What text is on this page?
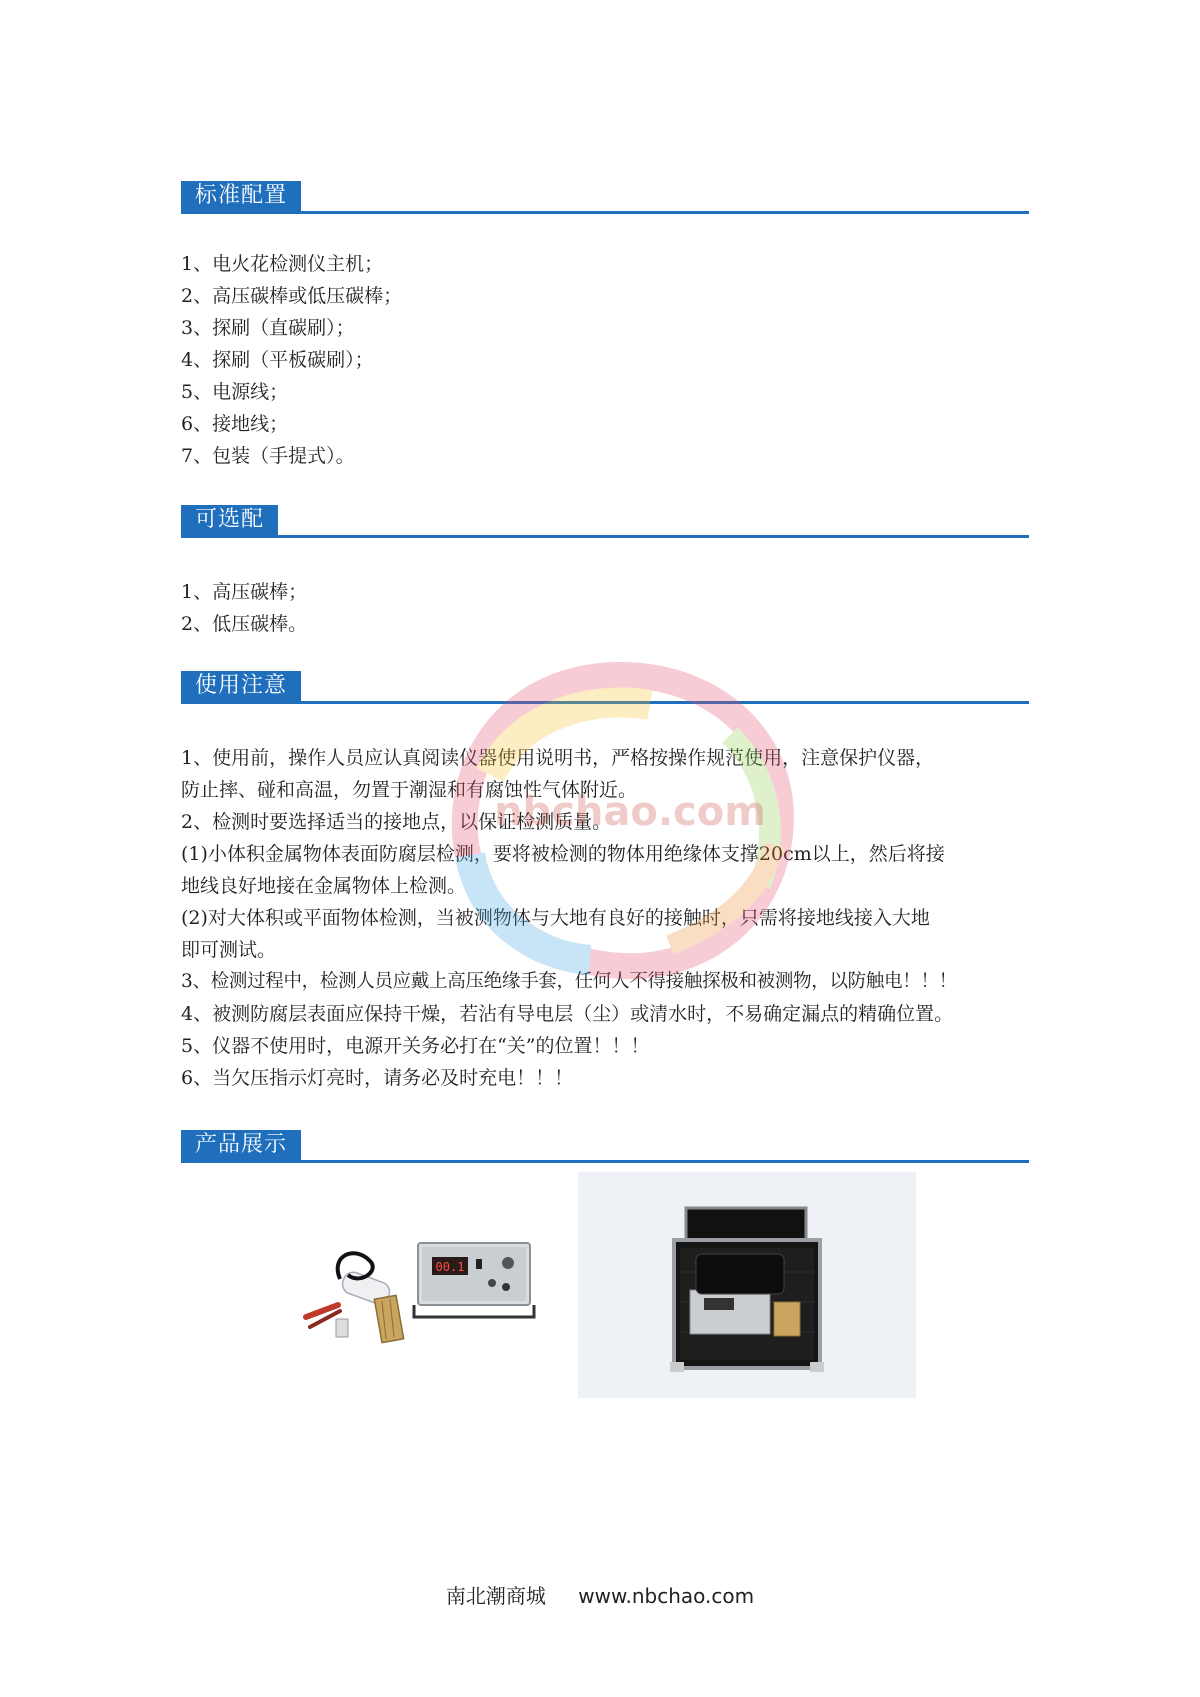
标准配置
1、电火花检测仪主机；
2、高压碳棒或低压碳棒；
3、探刷（直碳刷）；
4、探刷（平板碳刷）；
5、电源线；
6、接地线；
7、包装（手提式）。
可选配
1、高压碳棒；
2、低压碳棒。
使用注意

1、使用前，操作人员应认真阅读仪器使用说明书，严格按操作规范使用，注意保护仪器，

防止摔、碰和高温，勿置于潮湿和有腐蚀性气体附近。

2、检测时要选择适当的接地点，以保证检测质量。

(1)小体积金属物体表面防腐层检测，要将被检测的物体用绝缘体支撑20cm以上，然后将接

地线良好地接在金属物体上检测。

(2)对大体积或平面物体检测，当被测物体与大地有良好的接触时，只需将接地线接入大地

即可测试。

3、检测过程中，检测人员应戴上高压绝缘手套，任何人不得接触探极和被测物，以防触电！！！

4、被测防腐层表面应保持干燥，若沾有导电层（尘）或清水时，不易确定漏点的精确位置。

5、仪器不使用时，电源开关务必打在“关”的位置！！！

6、当欠压指示灯亮时，请务必及时充电！！！

nbchao.com
产品展示
00.1
南北潮商城 www.nbchao.com
